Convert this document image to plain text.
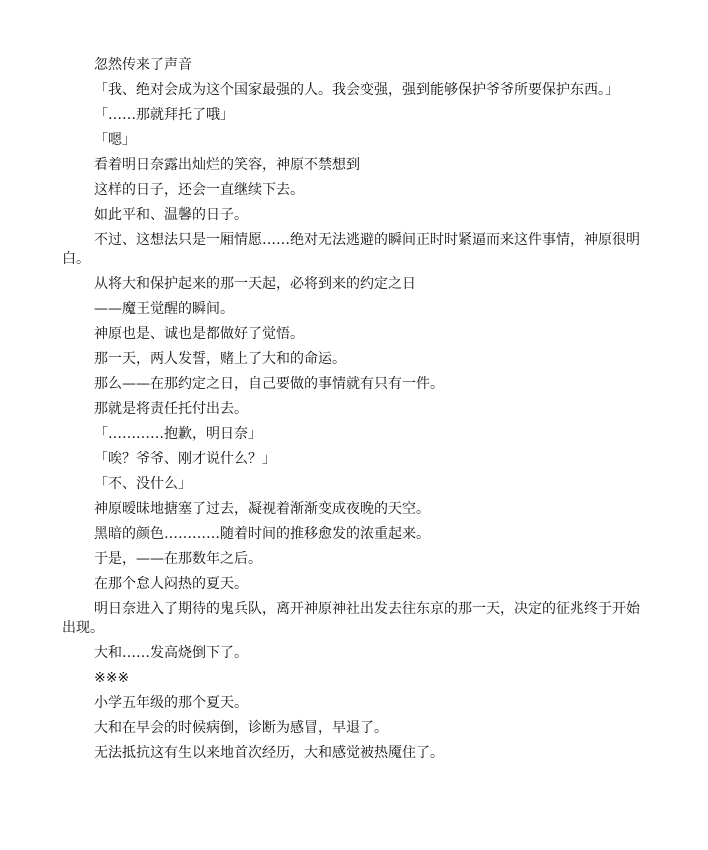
忽然传来了声音

「我、绝对会成为这个国家最强的人。我会变强，强到能够保护爷爷所要保护东西。」

「……那就拜托了哦」

「嗯」

看着明日奈露出灿烂的笑容，神原不禁想到

这样的日子，还会一直继续下去。

如此平和、温馨的日子。

不过、这想法只是一厢情愿……绝对无法逃避的瞬间正时时紧逼而来这件事情，神原很明白。

从将大和保护起来的那一天起，必将到来的约定之日

——魔王觉醒的瞬间。

神原也是、诚也是都做好了觉悟。

那一天，两人发誓，赌上了大和的命运。

那么——在那约定之日，自己要做的事情就有只有一件。

那就是将责任托付出去。

「…………抱歉，明日奈」

「唉？爷爷、刚才说什么？」

「不、没什么」

神原暧昧地搪塞了过去，凝视着渐渐变成夜晚的天空。

黑暗的颜色…………随着时间的推移愈发的浓重起来。

于是，——在那数年之后。

在那个怠人闷热的夏天。

明日奈进入了期待的鬼兵队，离开神原神社出发去往东京的那一天，决定的征兆终于开始出现。

大和……发高烧倒下了。

※※※

小学五年级的那个夏天。

大和在早会的时候病倒，诊断为感冒，早退了。

无法抵抗这有生以来地首次经历，大和感觉被热魇住了。
